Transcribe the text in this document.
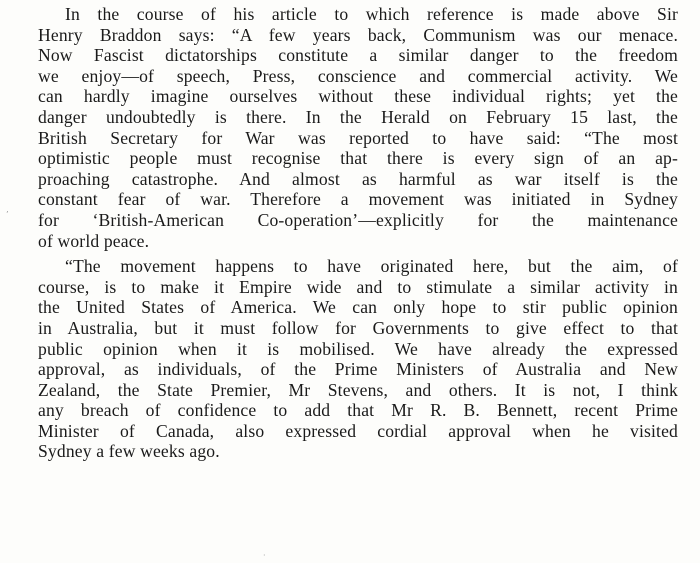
In the course of his article to which reference is made above Sir
Henry Braddon says: “A few years back, Communism was our menace.
Now Fascist dictatorships constitute a similar danger to the freedom
we enjoy—of speech, Press, conscience and commercial activity. We
can hardly imagine ourselves without these individual rights; yet the
danger undoubtedly is there. In the Herald on February 15 last, the
British Secretary for War was reported to have said: “The most
optimistic people must recognise that there is every sign of an ap-
proaching catastrophe. And almost as harmful as war itself is the
constant fear of war. Therefore a movement was initiated in Sydney
for ‘British-American Co-operation’—explicitly for the maintenance
of world peace.

“The movement happens to have originated here, but the aim, of
course, is to make it Empire wide and to stimulate a similar activity in
the United States of America. We can only hope to stir public opinion
in Australia, but it must follow for Governments to give effect to that
public opinion when it is mobilised. We have already the expressed
approval, as individuals, of the Prime Ministers of Australia and New
Zealand, the State Premier, Mr Stevens, and others. It is not, I think
any breach of confidence to add that Mr R. B. Bennett, recent Prime
Minister of Canada, also expressed cordial approval when he visited
Sydney a few weeks ago.

’
·
